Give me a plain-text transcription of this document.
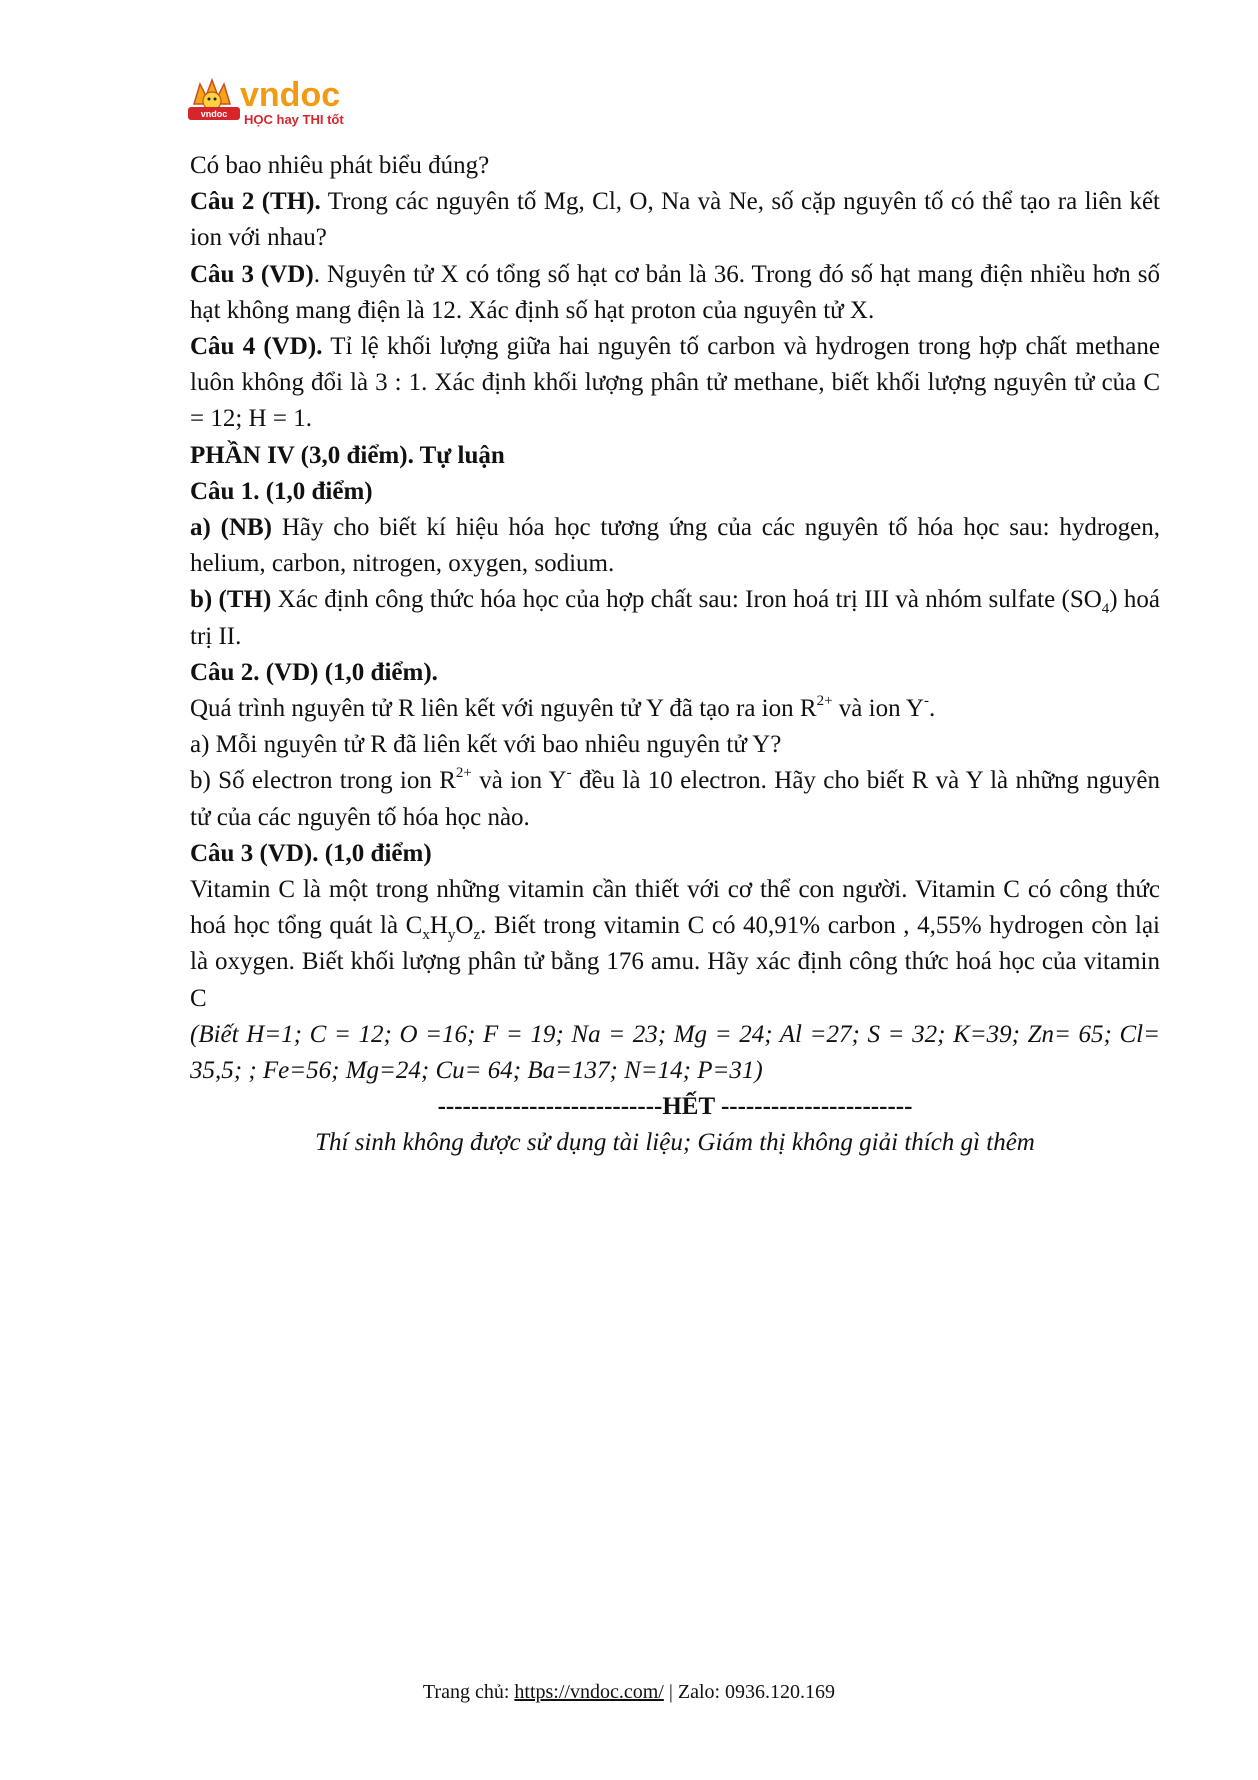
vndoc vndoc
HỌC hay THI tốt

Có bao nhiêu phát biểu đúng?

Câu 2 (TH). Trong các nguyên tố Mg, Cl, O, Na và Ne, số cặp nguyên tố có thể tạo ra liên kết ion với nhau?

Câu 3 (VD). Nguyên tử X có tổng số hạt cơ bản là 36. Trong đó số hạt mang điện nhiều hơn số hạt không mang điện là 12. Xác định số hạt proton của nguyên tử X.

Câu 4 (VD). Tỉ lệ khối lượng giữa hai nguyên tố carbon và hydrogen trong hợp chất methane luôn không đổi là 3 : 1. Xác định khối lượng phân tử methane, biết khối lượng nguyên tử của C = 12; H = 1.

PHẦN IV (3,0 điểm). Tự luận

Câu 1. (1,0 điểm)

a) (NB) Hãy cho biết kí hiệu hóa học tương ứng của các nguyên tố hóa học sau: hydrogen, helium, carbon, nitrogen, oxygen, sodium.

b) (TH) Xác định công thức hóa học của hợp chất sau: Iron hoá trị III và nhóm sulfate $(SO_4)$ hoá trị II.

Câu 2. (VD) (1,0 điểm).

Quá trình nguyên tử R liên kết với nguyên tử Y đã tạo ra ion $R^{2+}$ và ion Y-.

a) Mỗi nguyên tử R đã liên kết với bao nhiêu nguyên tử Y?

b) Số electron trong ion $R^{2+}$ và ion Y- đều là 10 electron. Hãy cho biết R và Y là những nguyên tử của các nguyên tố hóa học nào.

Câu 3 (VD). (1,0 điểm)

Vitamin C là một trong những vitamin cần thiết với cơ thể con người. Vitamin C có công thức hoá học tổng quát là $C_xH_yO_z$. Biết trong vitamin C có 40,91% carbon , 4,55% hydrogen còn lại là oxygen. Biết khối lượng phân tử bằng 176 amu. Hãy xác định công thức hoá học của vitamin C

(Biết H=1; C = 12; O =16; F = 19; Na = 23; Mg = 24; Al =27; S = 32; K=39; Zn= 65; Cl= 35,5; ; Fe=56; Mg=24; Cu= 64; Ba=137; N=14; P=31)

---------------------------HẾT -----------------------

Thí sinh không được sử dụng tài liệu; Giám thị không giải thích gì thêm

Trang chủ: https://vndoc.com/ | Zalo: 0936.120.169
